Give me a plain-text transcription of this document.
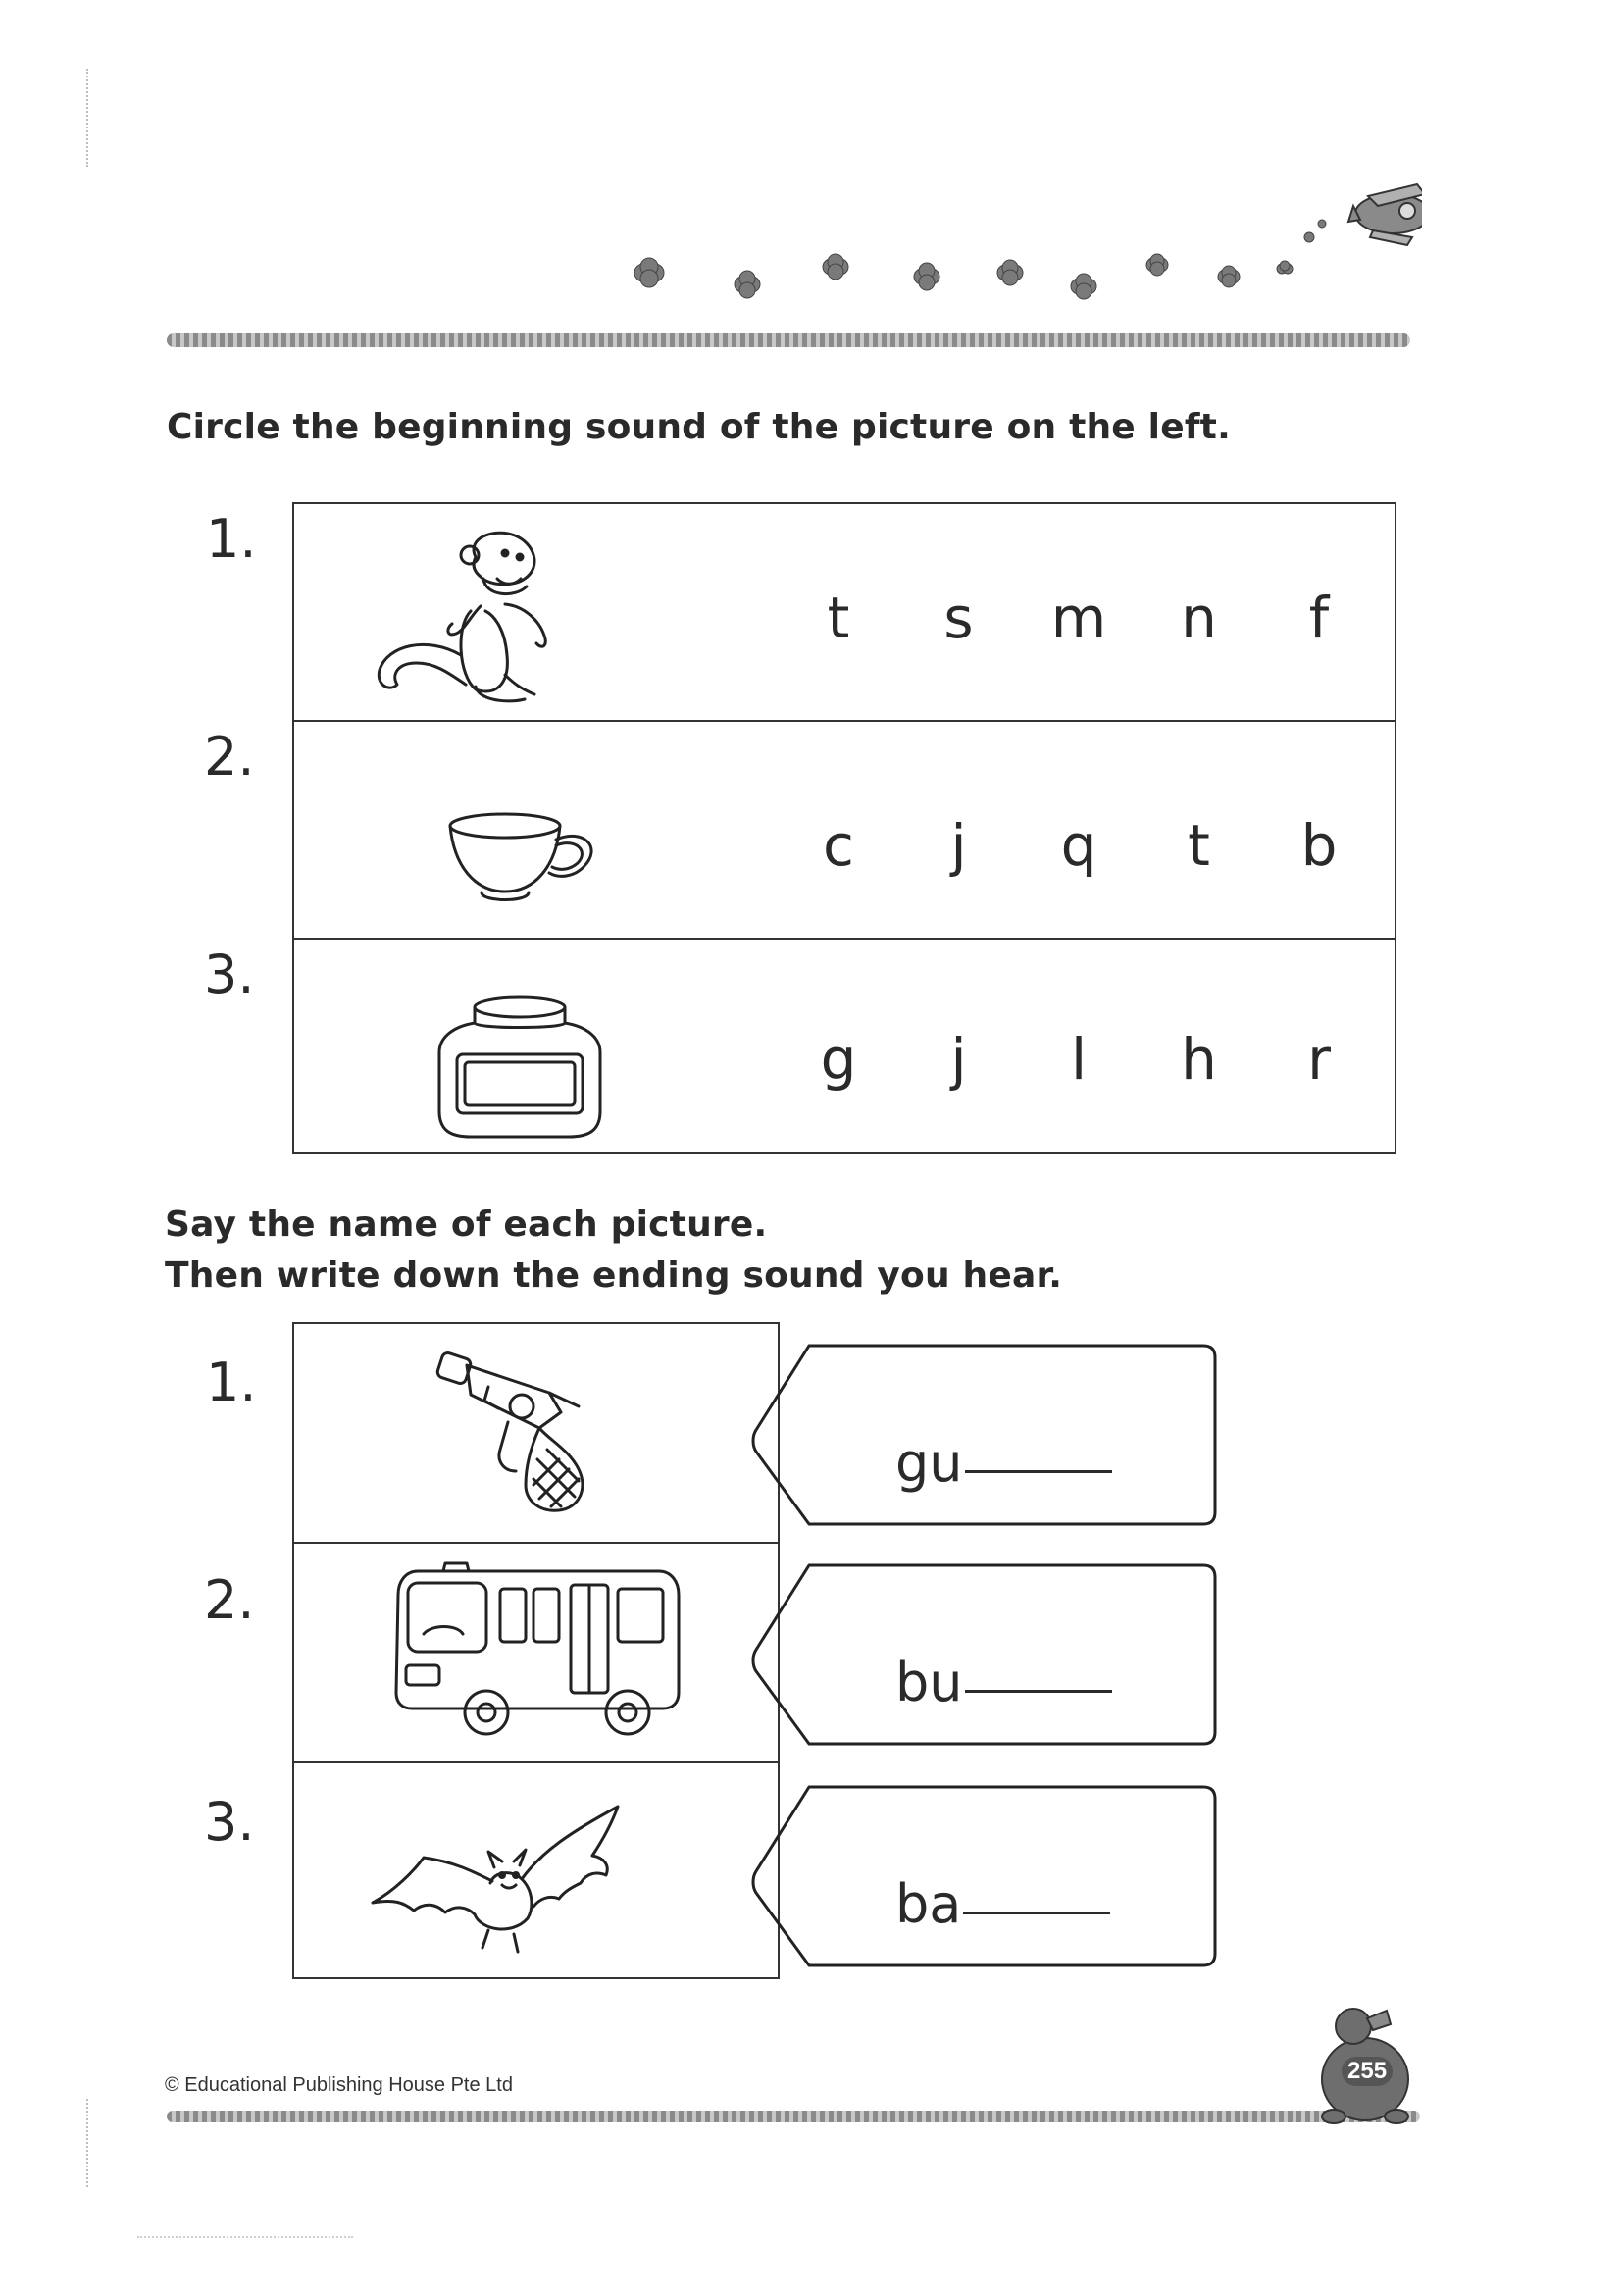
Circle the beginning sound of the picture on the left.
1.
2.
3.
t	s	m n	f
c	j	q	t	b
g	j	l	h	r
Say the name of each picture.
Then write down the ending sound you hear.
1.
2.
3.
gu
bu
ba
© Educational Publishing House Pte Ltd
255
